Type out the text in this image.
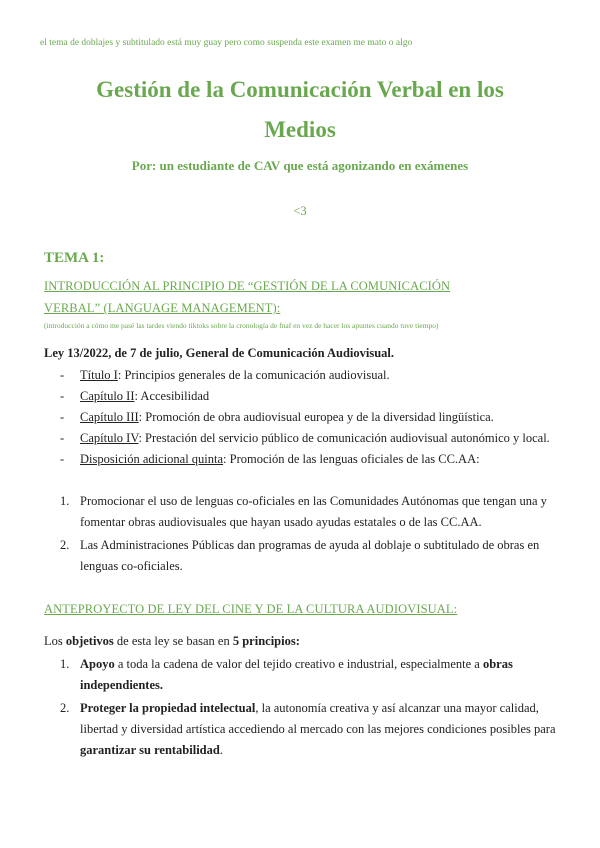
el tema de doblajes y subtitulado está muy guay pero como suspenda este examen me mato o algo
Gestión de la Comunicación Verbal en los
Medios
Por: un estudiante de CAV que está agonizando en exámenes
<3
TEMA 1:
INTRODUCCIÓN AL PRINCIPIO DE “GESTIÓN DE LA COMUNICACIÓN
VERBAL” (LANGUAGE MANAGEMENT):
(introducción a cómo me pasé las tardes viendo tiktoks sobre la cronología de fnaf en vez de hacer los apuntes cuando tuve tiempo)
Ley 13/2022, de 7 de julio, General de Comunicación Audiovisual.
- Título I: Principios generales de la comunicación audiovisual.
- Capítulo II: Accesibilidad
- Capítulo III: Promoción de obra audiovisual europea y de la diversidad lingüística.
- Capítulo IV: Prestación del servicio público de comunicación audiovisual autonómico y local.
- Disposición adicional quinta: Promoción de las lenguas oficiales de las CC.AA:
1. Promocionar el uso de lenguas co-oficiales en las Comunidades Autónomas que tengan una y fomentar obras audiovisuales que hayan usado ayudas estatales o de las CC.AA.
2. Las Administraciones Públicas dan programas de ayuda al doblaje o subtitulado de obras en lenguas co-oficiales.
ANTEPROYECTO DE LEY DEL CINE Y DE LA CULTURA AUDIOVISUAL:
Los objetivos de esta ley se basan en 5 principios:
1. Apoyo a toda la cadena de valor del tejido creativo e industrial, especialmente a obras independientes.
2. Proteger la propiedad intelectual, la autonomía creativa y así alcanzar una mayor calidad, libertad y diversidad artística accediendo al mercado con las mejores condiciones posibles para garantizar su rentabilidad.
